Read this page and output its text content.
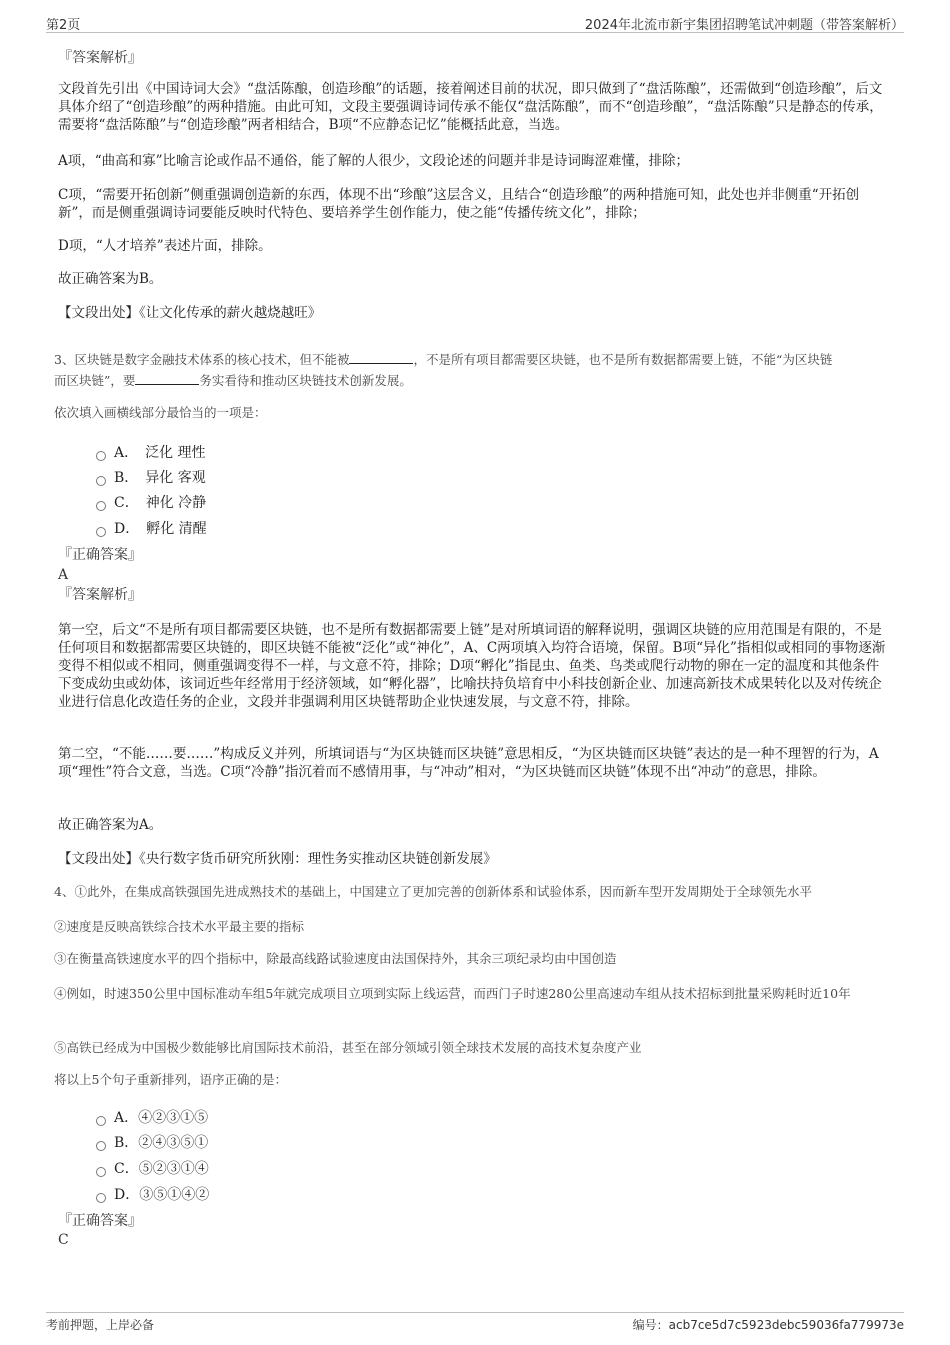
第2页	2024年北流市新宇集团招聘笔试冲刺题（带答案解析）
『答案解析』

文段首先引出《中国诗词大会》“盘活陈酿，创造珍酿”的话题，接着阐述目前的状况，即只做到了“盘活陈酿”，还需做到“创造珍酿”，后文具体介绍了“创造珍酿”的两种措施。由此可知，文段主要强调诗词传承不能仅“盘活陈酿”，而不“创造珍酿”，“盘活陈酿”只是静态的传承，需要将“盘活陈酿”与“创造珍酿”两者相结合，B项“不应静态记忆”能概括此意，当选。

A项，“曲高和寡”比喻言论或作品不通俗，能了解的人很少，文段论述的问题并非是诗词晦涩难懂，排除；

C项，“需要开拓创新”侧重强调创造新的东西，体现不出“珍酿”这层含义，且结合“创造珍酿”的两种措施可知，此处也并非侧重“开拓创新”，而是侧重强调诗词要能反映时代特色、要培养学生创作能力，使之能“传播传统文化”，排除；

D项，“人才培养”表述片面，排除。

故正确答案为B。

【文段出处】《让文化传承的薪火越烧越旺》

3、区块链是数字金融技术体系的核心技术，但不能被	，不是所有项目都需要区块链，也不是所有数据都需要上链，不能“为区块链
而区块链”，要	务实看待和推动区块链技术创新发展。

依次填入画横线部分最恰当的一项是：

A．　泛化 理性
B．　异化 客观
C．　神化 冷静
D．　孵化 清醒
『正确答案』
A
『答案解析』

第一空，后文“不是所有项目都需要区块链，也不是所有数据都需要上链”是对所填词语的解释说明，强调区块链的应用范围是有限的，不是任何项目和数据都需要区块链的，即区块链不能被“泛化”或“神化”，A、C两项填入均符合语境，保留。B项“异化”指相似或相同的事物逐渐变得不相似或不相同，侧重强调变得不一样，与文意不符，排除；D项“孵化”指昆虫、鱼类、鸟类或爬行动物的卵在一定的温度和其他条件下变成幼虫或幼体，该词近些年经常用于经济领域，如“孵化器”，比喻扶持负培育中小科技创新企业、加速高新技术成果转化以及对传统企业进行信息化改造任务的企业，文段并非强调利用区块链帮助企业快速发展，与文意不符，排除。

第二空，“不能……要……”构成反义并列，所填词语与“为区块链而区块链”意思相反，“为区块链而区块链”表达的是一种不理智的行为，A项“理性”符合文意，当选。C项“冷静”指沉着而不感情用事，与“冲动”相对，“为区块链而区块链”体现不出“冲动”的意思，排除。

故正确答案为A。

【文段出处】《央行数字货币研究所狄刚：理性务实推动区块链创新发展》

4、①此外，在集成高铁强国先进成熟技术的基础上，中国建立了更加完善的创新体系和试验体系，因而新车型开发周期处于全球领先水平

②速度是反映高铁综合技术水平最主要的指标

③在衡量高铁速度水平的四个指标中，除最高线路试验速度由法国保持外，其余三项纪录均由中国创造

④例如，时速350公里中国标准动车组5年就完成项目立项到实际上线运营，而西门子时速280公里高速动车组从技术招标到批量采购耗时近10年

⑤高铁已经成为中国极少数能够比肩国际技术前沿，甚至在部分领域引领全球技术发展的高技术复杂度产业

将以上5个句子重新排列，语序正确的是：

A．④②③①⑤
B．②④③⑤①
C．⑤②③①④
D．③⑤①④②
『正确答案』
C
考前押题，上岸必备	编号：acb7ce5d7c5923debc59036fa779973e
